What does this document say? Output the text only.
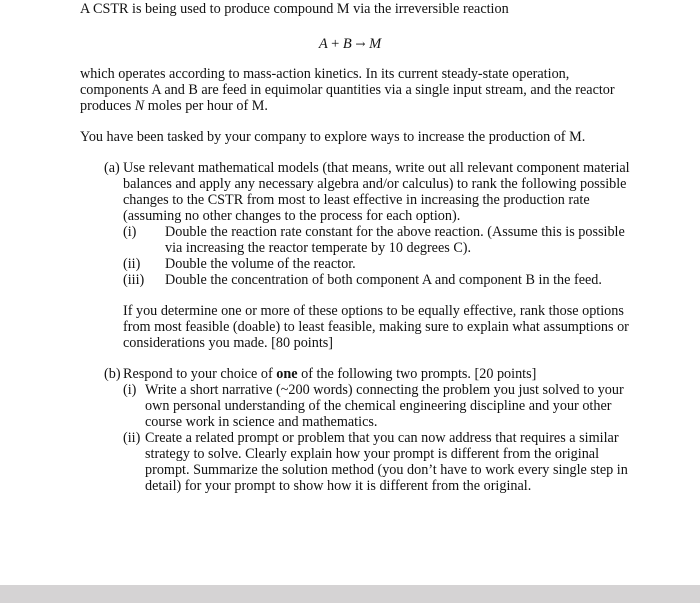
A CSTR is being used to produce compound M via the irreversible reaction
A + B → M
which operates according to mass-action kinetics. In its current steady-state operation,
components A and B are feed in equimolar quantities via a single input stream, and the reactor
produces N moles per hour of M.
You have been tasked by your company to explore ways to increase the production of M.
(a) Use relevant mathematical models (that means, write out all relevant component material
balances and apply any necessary algebra and/or calculus) to rank the following possible
changes to the CSTR from most to least effective in increasing the production rate
(assuming no other changes to the process for each option).
(i) Double the reaction rate constant for the above reaction. (Assume this is possible
via increasing the reactor temperate by 10 degrees C).
(ii) Double the volume of the reactor.
(iii) Double the concentration of both component A and component B in the feed.
If you determine one or more of these options to be equally effective, rank those options
from most feasible (doable) to least feasible, making sure to explain what assumptions or
considerations you made. [80 points]
(b) Respond to your choice of one of the following two prompts. [20 points]
(i) Write a short narrative (~200 words) connecting the problem you just solved to your
own personal understanding of the chemical engineering discipline and your other
course work in science and mathematics.
(ii) Create a related prompt or problem that you can now address that requires a similar
strategy to solve. Clearly explain how your prompt is different from the original
prompt. Summarize the solution method (you don’t have to work every single step in
detail) for your prompt to show how it is different from the original.
